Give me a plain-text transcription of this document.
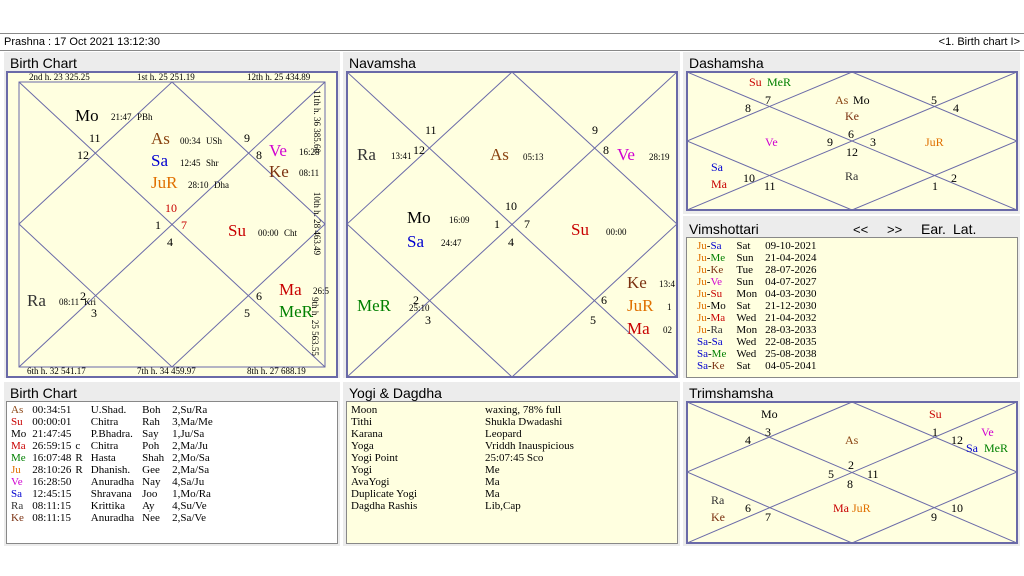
Prashna : 17 Oct 2021 13:12:30	<1. Birth chart I>
Birth Chart
2nd h. 23 325.25	1st h. 25 251.19	12th h. 25 434.89
6th h. 32 541.17	7th h. 34 459.97	8th h. 27 688.19
11th h. 36 385.60
10th h. 28 463.49
9th h. 25 563.55
11
12
9
8
10
1 7
4
2
3
6
5
Mo 21:47 PBh
As 00:34 USh
Sa 12:45 Shr
JuR 28:10 Dha
Ve 16:28
Ke 08:11
Su 00:00 Cht
Ra 08:11 Kri
Ma 26:5
MeR
Navamsha
11
12
9
8
10
1 7
4
2
3
6
5
Ra 13:41	As 05:13	Ve 28:19
Mo 16:09
Sa 24:47
Su 00:00
MeR 25:10
Ke 13:4
JuR 1
Ma 02
Dashamsha
8
7	5
4
6
9	3
12
10
11	1
2
Su MeR
As Mo
Ke
Ve	JuR
Sa
Ma
Ra
Vimshottari	<< >> Ear. Lat.
Ju-Sa	Sat	09-10-2021
Ju-Me	Sun	21-04-2024
Ju-Ke	Tue	28-07-2026
Ju-Ve	Sun	04-07-2027
Ju-Su	Mon	04-03-2030
Ju-Mo	Sat	21-12-2030
Ju-Ma	Wed	21-04-2032
Ju-Ra	Mon	28-03-2033
Sa-Sa	Wed	22-08-2035
Sa-Me	Wed	25-08-2038
Sa-Ke	Sat	04-05-2041
Birth Chart
As	00:34:51		U.Shad.	Boh	2,Su/Ra
Su	00:00:01		Chitra	Rah	3,Ma/Me
Mo	21:47:45		P.Bhadra.	Say	1,Ju/Sa
Ma	26:59:15	c	Chitra	Poh	2,Ma/Ju
Me	16:07:48	R	Hasta	Shah	2,Mo/Sa
Ju	28:10:26	R	Dhanish.	Gee	2,Ma/Sa
Ve	16:28:50		Anuradha	Nay	4,Sa/Ju
Sa	12:45:15		Shravana	Joo	1,Mo/Ra
Ra	08:11:15		Krittika	Ay	4,Su/Ve
Ke	08:11:15		Anuradha	Nee	2,Sa/Ve
Yogi & Dagdha
Moon	waxing, 78% full
Tithi	Shukla Dwadashi
Karana	Leopard
Yoga	Vriddh Inauspicious
Yogi Point	25:07:45 Sco
Yogi	Me
AvaYogi	Ma
Duplicate Yogi	Ma
Dagdha Rashis	Lib,Cap
Trimshamsha
4
3	1
12
2
5	11
8
6
7	9
10
Mo	Su
As
Ve
Sa MeR
Ra
Ke
Ma JuR
